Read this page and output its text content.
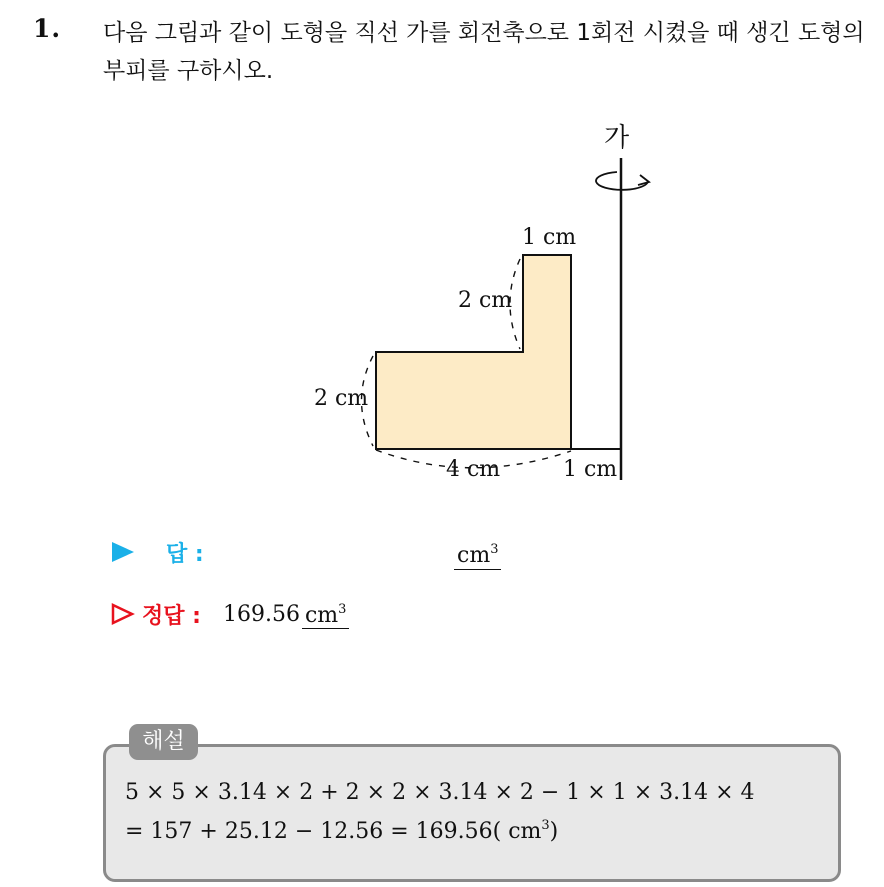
1. 다음 그림과 같이 도형을 직선 가를 회전축으로 1회전 시켰을 때 생긴 도형의 부피를 구하시오.
가
1 cm
2 cm
2 cm
4 cm	1 cm
답 :	$cm^3$
정답 : 169.56 $cm^3$
해설
5 × 5 × 3.14 × 2 + 2 × 2 × 3.14 × 2 − 1 × 1 × 3.14 × 4
= 157 + 25.12 − 12.56 = 169.56( $cm^3$)
